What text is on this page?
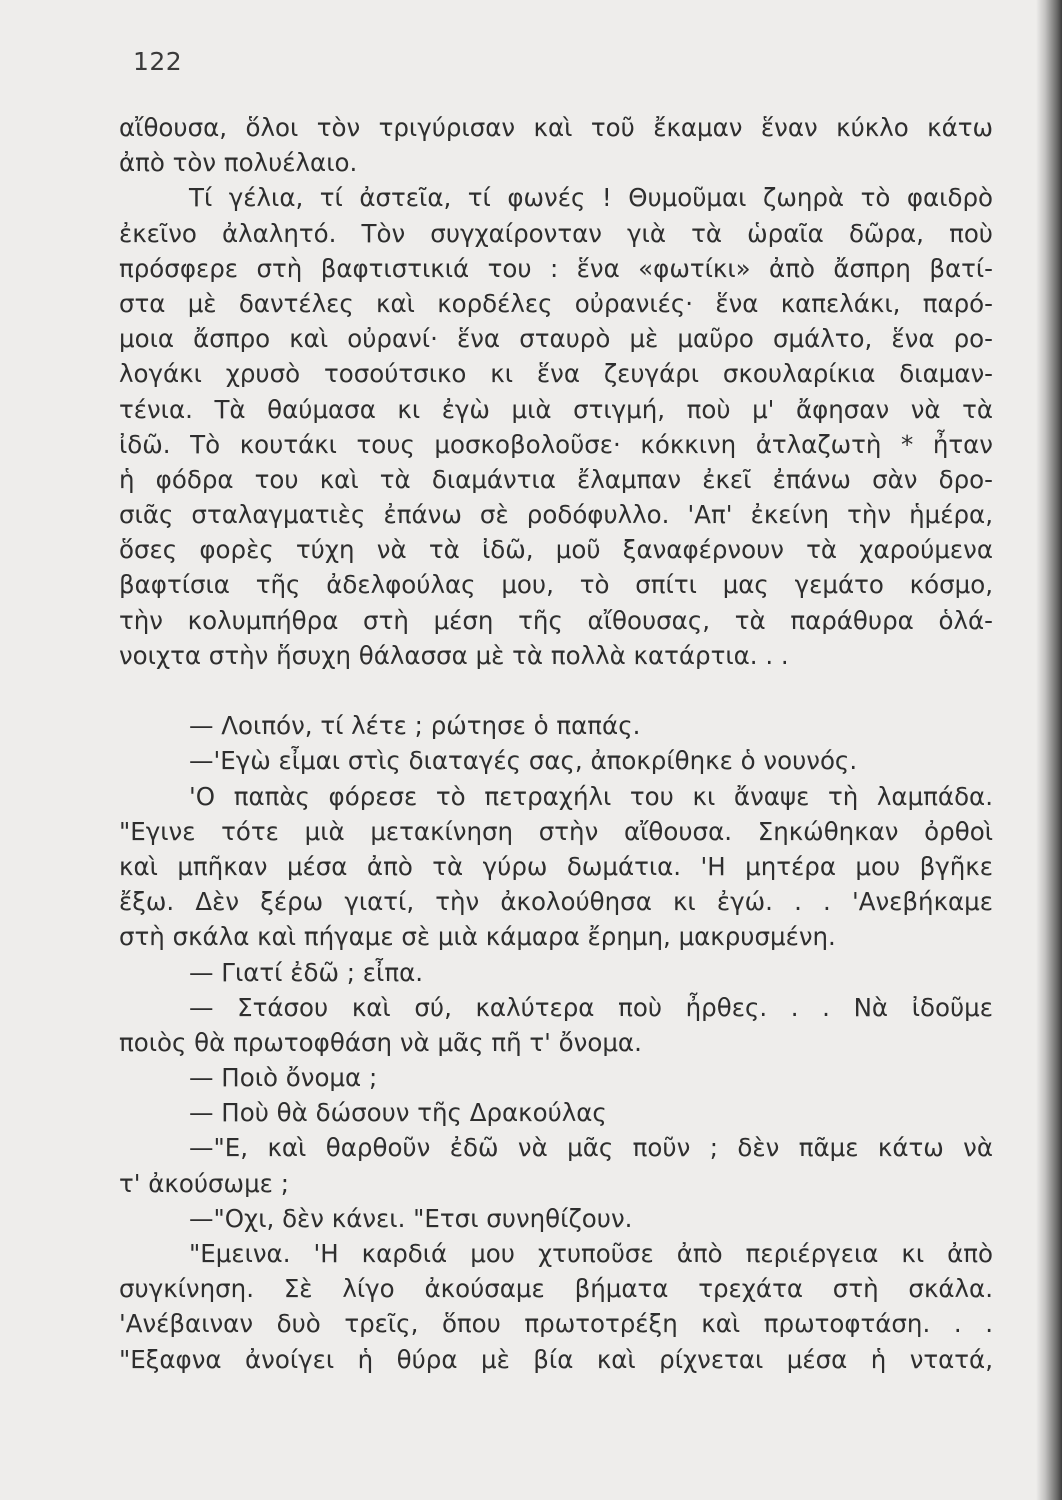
122
αἴθουσα, ὅλοι τὸν τριγύρισαν καὶ τοῦ ἔκαμαν ἕναν κύκλο κάτω
ἀπὸ τὸν πολυέλαιο.
Τί γέλια, τί ἀστεῖα, τί φωνές ! Θυμοῦμαι ζωηρὰ τὸ φαιδρὸ
ἐκεῖνο ἀλαλητό. Τὸν συγχαίρονταν γιὰ τὰ ὡραῖα δῶρα, ποὺ
πρόσφερε στὴ βαφτιστικιά του : ἕνα «φωτίκι» ἀπὸ ἄσπρη βατί-
στα μὲ δαντέλες καὶ κορδέλες οὐρανιές· ἕνα καπελάκι, παρό-
μοια ἄσπρο καὶ οὐρανί· ἕνα σταυρὸ μὲ μαῦρο σμάλτο, ἕνα ρο-
λογάκι χρυσὸ τοσούτσικο κι ἕνα ζευγάρι σκουλαρίκια διαμαν-
τένια. Τὰ θαύμασα κι ἐγὼ μιὰ στιγμή, ποὺ μ' ἄφησαν νὰ τὰ
ἰδῶ. Τὸ κουτάκι τους μοσκοβολοῦσε· κόκκινη ἀτλαζωτὴ * ἦταν
ἡ φόδρα του καὶ τὰ διαμάντια ἔλαμπαν ἐκεῖ ἐπάνω σὰν δρο-
σιᾶς σταλαγματιὲς ἐπάνω σὲ ροδόφυλλο. 'Απ' ἐκείνη τὴν ἡμέρα,
ὅσες φορὲς τύχη νὰ τὰ ἰδῶ, μοῦ ξαναφέρνουν τὰ χαρούμενα
βαφτίσια τῆς ἀδελφούλας μου, τὸ σπίτι μας γεμάτο κόσμο,
τὴν κολυμπήθρα στὴ μέση τῆς αἴθουσας, τὰ παράθυρα ὁλά-
νοιχτα στὴν ἥσυχη θάλασσα μὲ τὰ πολλὰ κατάρτια. . .
— Λοιπόν, τί λέτε ; ρώτησε ὁ παπάς.
—'Εγὼ εἶμαι στὶς διαταγές σας, ἀποκρίθηκε ὁ νουνός.
'Ο παπὰς φόρεσε τὸ πετραχήλι του κι ἄναψε τὴ λαμπάδα.
"Εγινε τότε μιὰ μετακίνηση στὴν αἴθουσα. Σηκώθηκαν ὀρθοὶ
καὶ μπῆκαν μέσα ἀπὸ τὰ γύρω δωμάτια. 'Η μητέρα μου βγῆκε
ἔξω. Δὲν ξέρω γιατί, τὴν ἀκολούθησα κι ἐγώ. . . 'Ανεβήκαμε
στὴ σκάλα καὶ πήγαμε σὲ μιὰ κάμαρα ἔρημη, μακρυσμένη.
— Γιατί ἐδῶ ; εἶπα.
— Στάσου καὶ σύ, καλύτερα ποὺ ἦρθες. . . Νὰ ἰδοῦμε
ποιὸς θὰ πρωτοφθάση νὰ μᾶς πῆ τ' ὄνομα.
— Ποιὸ ὄνομα ;
— Ποὺ θὰ δώσουν τῆς Δρακούλας
—"Ε, καὶ θαρθοῦν ἐδῶ νὰ μᾶς ποῦν ; δὲν πᾶμε κάτω νὰ
τ' ἀκούσωμε ;
—"Οχι, δὲν κάνει. "Ετσι συνηθίζουν.
"Εμεινα. 'Η καρδιά μου χτυποῦσε ἀπὸ περιέργεια κι ἀπὸ
συγκίνηση. Σὲ λίγο ἀκούσαμε βήματα τρεχάτα στὴ σκάλα.
'Ανέβαιναν δυὸ τρεῖς, ὅπου πρωτοτρέξη καὶ πρωτοφτάση. . .
"Εξαφνα ἀνοίγει ἡ θύρα μὲ βία καὶ ρίχνεται μέσα ἡ ντατά,
